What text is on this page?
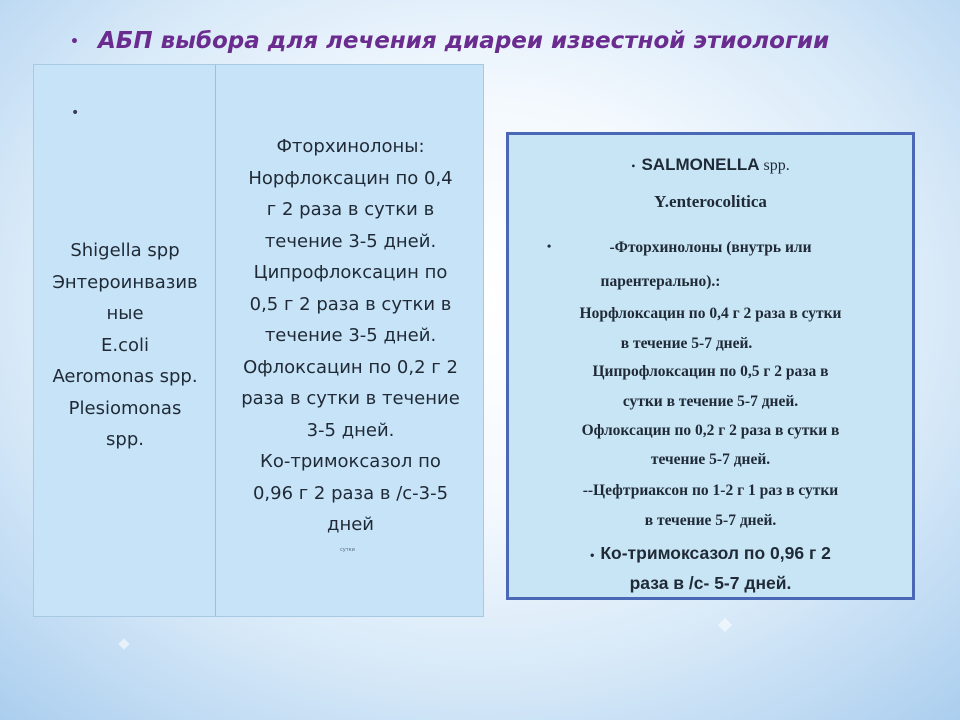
• АБП выбора для лечения диареи известной этиологии
•
Shigella spp
Энтероинвазив
ные
E.coli
Aeromonas spp.
Plesiomonas
spp.
Фторхинолоны:
Норфлоксацин по 0,4
г 2 раза в сутки в
течение 3-5 дней.
Ципрофлоксацин по
0,5 г 2 раза в сутки в
течение 3-5 дней.
Офлоксацин по 0,2 г 2
раза в сутки в течение
3-5 дней.
Ко-тримоксазол по
0,96 г 2 раза в /с-3-5
дней
сутки
• SALMONELLA spp.
Y.enterocolitica
•	-Фторхинолоны (внутрь или
парентерально).:
Норфлоксацин по 0,4 г 2 раза в сутки
в течение 5-7 дней.
Ципрофлоксацин по 0,5 г 2 раза в
сутки в течение 5-7 дней.
Офлоксацин по 0,2 г 2 раза в сутки в
течение 5-7 дней.
--Цефтриаксон по 1-2 г 1 раз в сутки
в течение 5-7 дней.
• Ко-тримоксазол по 0,96 г 2
раза в /с- 5-7 дней.
